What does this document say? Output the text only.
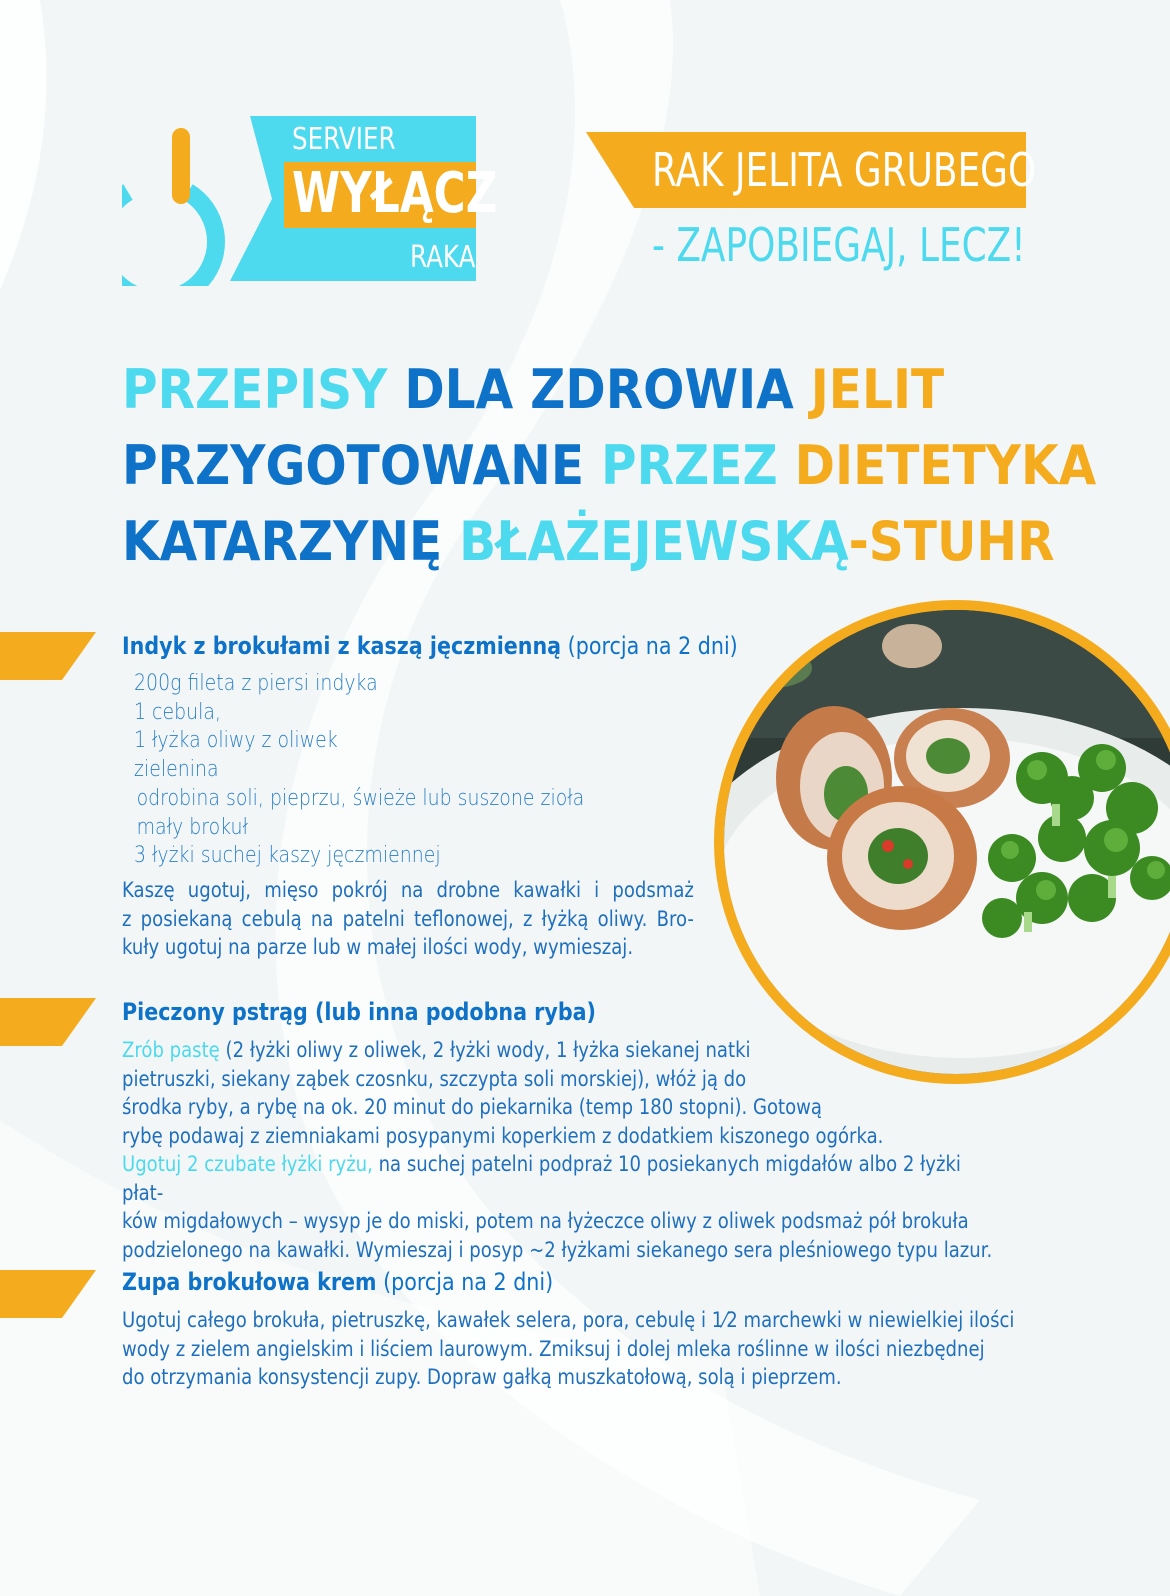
SERVIER
WYŁĄCZ
RAKA
RAK JELITA GRUBEGO
- ZAPOBIEGAJ, LECZ!
PRZEPISY DLA ZDROWIA JELIT
PRZYGOTOWANE PRZEZ DIETETYKA
KATARZYNĘ BŁAŻEJEWSKĄ-STUHR
Indyk z brokułami z kaszą jęczmienną (porcja na 2 dni)
200g fileta z piersi indyka
1 cebula,
1 łyżka oliwy z oliwek
zielenina
odrobina soli, pieprzu, świeże lub suszone zioła
mały brokuł
3 łyżki suchej kaszy jęczmiennej
Kaszę ugotuj, mięso pokrój na drobne kawałki i podsmaż
z posiekaną cebulą na patelni teflonowej, z łyżką oliwy. Bro-
kuły ugotuj na parze lub w małej ilości wody, wymieszaj.
Pieczony pstrąg (lub inna podobna ryba)
Zrób pastę (2 łyżki oliwy z oliwek, 2 łyżki wody, 1 łyżka siekanej natki
pietruszki, siekany ząbek czosnku, szczypta soli morskiej), włóż ją do
środka ryby, a rybę na ok. 20 minut do piekarnika (temp 180 stopni). Gotową
rybę podawaj z ziemniakami posypanymi koperkiem z dodatkiem kiszonego ogórka.
Ugotuj 2 czubate łyżki ryżu, na suchej patelni podpraż 10 posiekanych migdałów albo 2 łyżki płat-
ków migdałowych – wysyp je do miski, potem na łyżeczce oliwy z oliwek podsmaż pół brokuła
podzielonego na kawałki. Wymieszaj i posyp ~2 łyżkami siekanego sera pleśniowego typu lazur.
Zupa brokułowa krem (porcja na 2 dni)
Ugotuj całego brokuła, pietruszkę, kawałek selera, pora, cebulę i 1⁄2 marchewki w niewielkiej ilości
wody z zielem angielskim i liściem laurowym. Zmiksuj i dolej mleka roślinne w ilości niezbędnej
do otrzymania konsystencji zupy. Dopraw gałką muszkatołową, solą i pieprzem.
